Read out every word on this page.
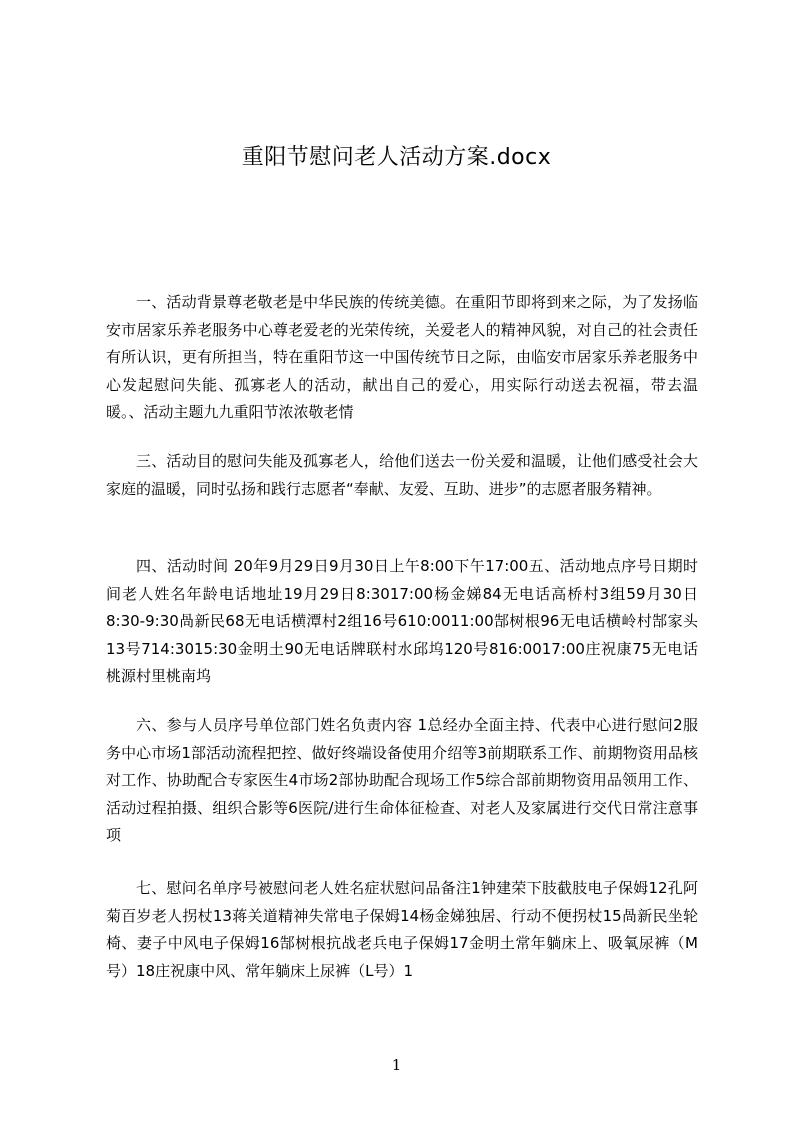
重阳节慰问老人活动方案.docx

一、活动背景尊老敬老是中华民族的传统美德。在重阳节即将到来之际，为了发扬临安市居家乐养老服务中心尊老爱老的光荣传统，关爱老人的精神风貌，对自己的社会责任有所认识，更有所担当，特在重阳节这一中国传统节日之际，由临安市居家乐养老服务中心发起慰问失能、孤寡老人的活动，献出自己的爱心，用实际行动送去祝福，带去温暖。、活动主题九九重阳节浓浓敬老情

三、活动目的慰问失能及孤寡老人，给他们送去一份关爱和温暖，让他们感受社会大家庭的温暖，同时弘扬和践行志愿者“奉献、友爱、互助、进步”的志愿者服务精神。

四、活动时间 20年9月29日9月30日上午8:00下午17:00五、活动地点序号日期时间老人姓名年龄电话地址19月29日8:3017:00杨金娣84无电话高桥村3组59月30日8:30-9:30咼新民68无电话横潭村2组16号610:0011:00郜树根96无电话横岭村郜家头13号714:3015:30金明土90无电话牌联村水邱坞120号816:0017:00庄祝康75无电话桃源村里桃南坞

六、参与人员序号单位部门姓名负责内容 1总经办全面主持、代表中心进行慰问2服务中心市场1部活动流程把控、做好终端设备使用介绍等3前期联系工作、前期物资用品核对工作、协助配合专家医生4市场2部协助配合现场工作5综合部前期物资用品领用工作、活动过程拍摄、组织合影等6医院/进行生命体征检查、对老人及家属进行交代日常注意事项

七、慰问名单序号被慰问老人姓名症状慰问品备注1钟建荣下肢截肢电子保姆12孔阿菊百岁老人拐杖13蒋关道精神失常电子保姆14杨金娣独居、行动不便拐杖15咼新民坐轮椅、妻子中风电子保姆16郜树根抗战老兵电子保姆17金明土常年躺床上、吸氧尿裤（M号）18庄祝康中风、常年躺床上尿裤（L号）1

1
